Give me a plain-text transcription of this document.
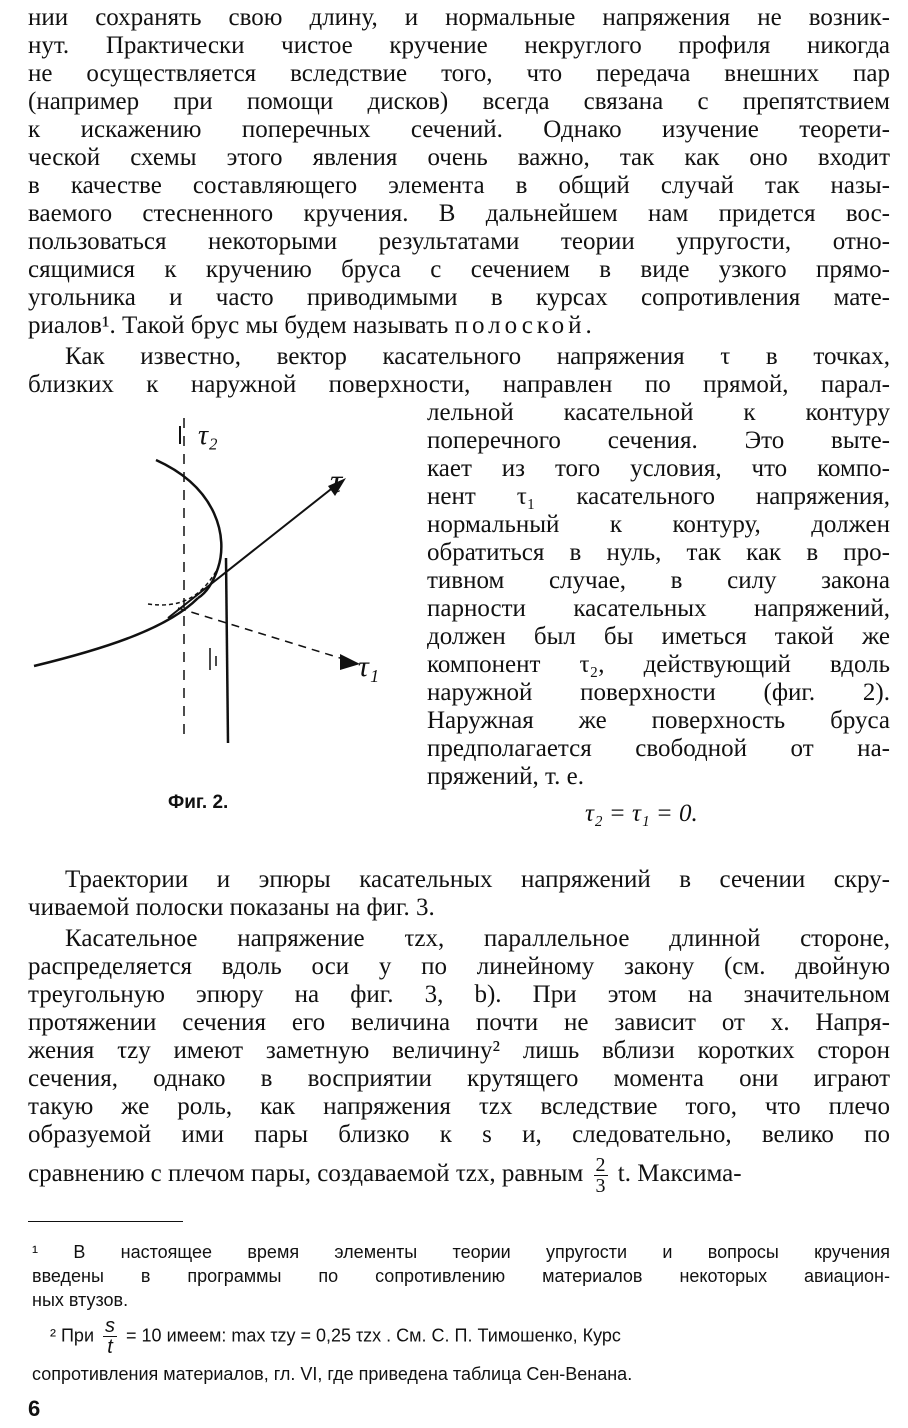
нии сохранять свою длину, и нормальные напряжения не возник-
нут. Практически чистое кручение некруглого профиля никогда
не осуществляется вследствие того, что передача внешних пар
(например при помощи дисков) всегда связана с препятствием
к искажению поперечных сечений. Однако изучение теорети-
ческой схемы этого явления очень важно, так как оно входит
в качестве составляющего элемента в общий случай так назы-
ваемого стесненного кручения. В дальнейшем нам придется вос-
пользоваться некоторыми результатами теории упругости, отно-
сящимися к кручению бруса с сечением в виде узкого прямо-
угольника и часто приводимыми в курсах сопротивления мате-
риалов¹. Такой брус мы будем называть полоской.
Как известно, вектор касательного напряжения τ в точках,
близких к наружной поверхности, направлен по прямой, парал-
лельной касательной к контуру
поперечного сечения. Это выте-
кает из того условия, что компо-
нент τ₁ касательного напряжения,
нормальный к контуру, должен
обратиться в нуль, так как в про-
тивном случае, в силу закона
парности касательных напряжений,
должен был бы иметься такой же
компонент τ₂, действующий вдоль
наружной поверхности (фиг. 2).
Наружная же поверхность бруса
предполагается свободной от на-
пряжений, т. е.
τ₂ = τ₁ = 0.
τ₂
τ
τ₁
Фиг. 2.
Траектории и эпюры касательных напряжений в сечении скру-
чиваемой полоски показаны на фиг. 3.
Касательное напряжение τzx, параллельное длинной стороне,
распределяется вдоль оси y по линейному закону (см. двойную
треугольную эпюру на фиг. 3, b). При этом на значительном
протяжении сечения его величина почти не зависит от x. Напря-
жения τzy имеют заметную величину² лишь вблизи коротких сторон
сечения, однако в восприятии крутящего момента они играют
такую же роль, как напряжения τzx вследствие того, что плечо
образуемой ими пары близко к s и, следовательно, велико по
сравнению с плечом пары, создаваемой τzx, равным $\frac{2}{3} t$. Максима-
¹ В настоящее время элементы теории упругости и вопросы кручения
введены в программы по сопротивлению материалов некоторых авиацион-
ных втузов.
² При $\frac{s}{t} = 10$ имеем: max τzy = 0,25 τzx . См. С. П. Тимошенко, Курс
сопротивления материалов, гл. VI, где приведена таблица Сен-Венана.
6
